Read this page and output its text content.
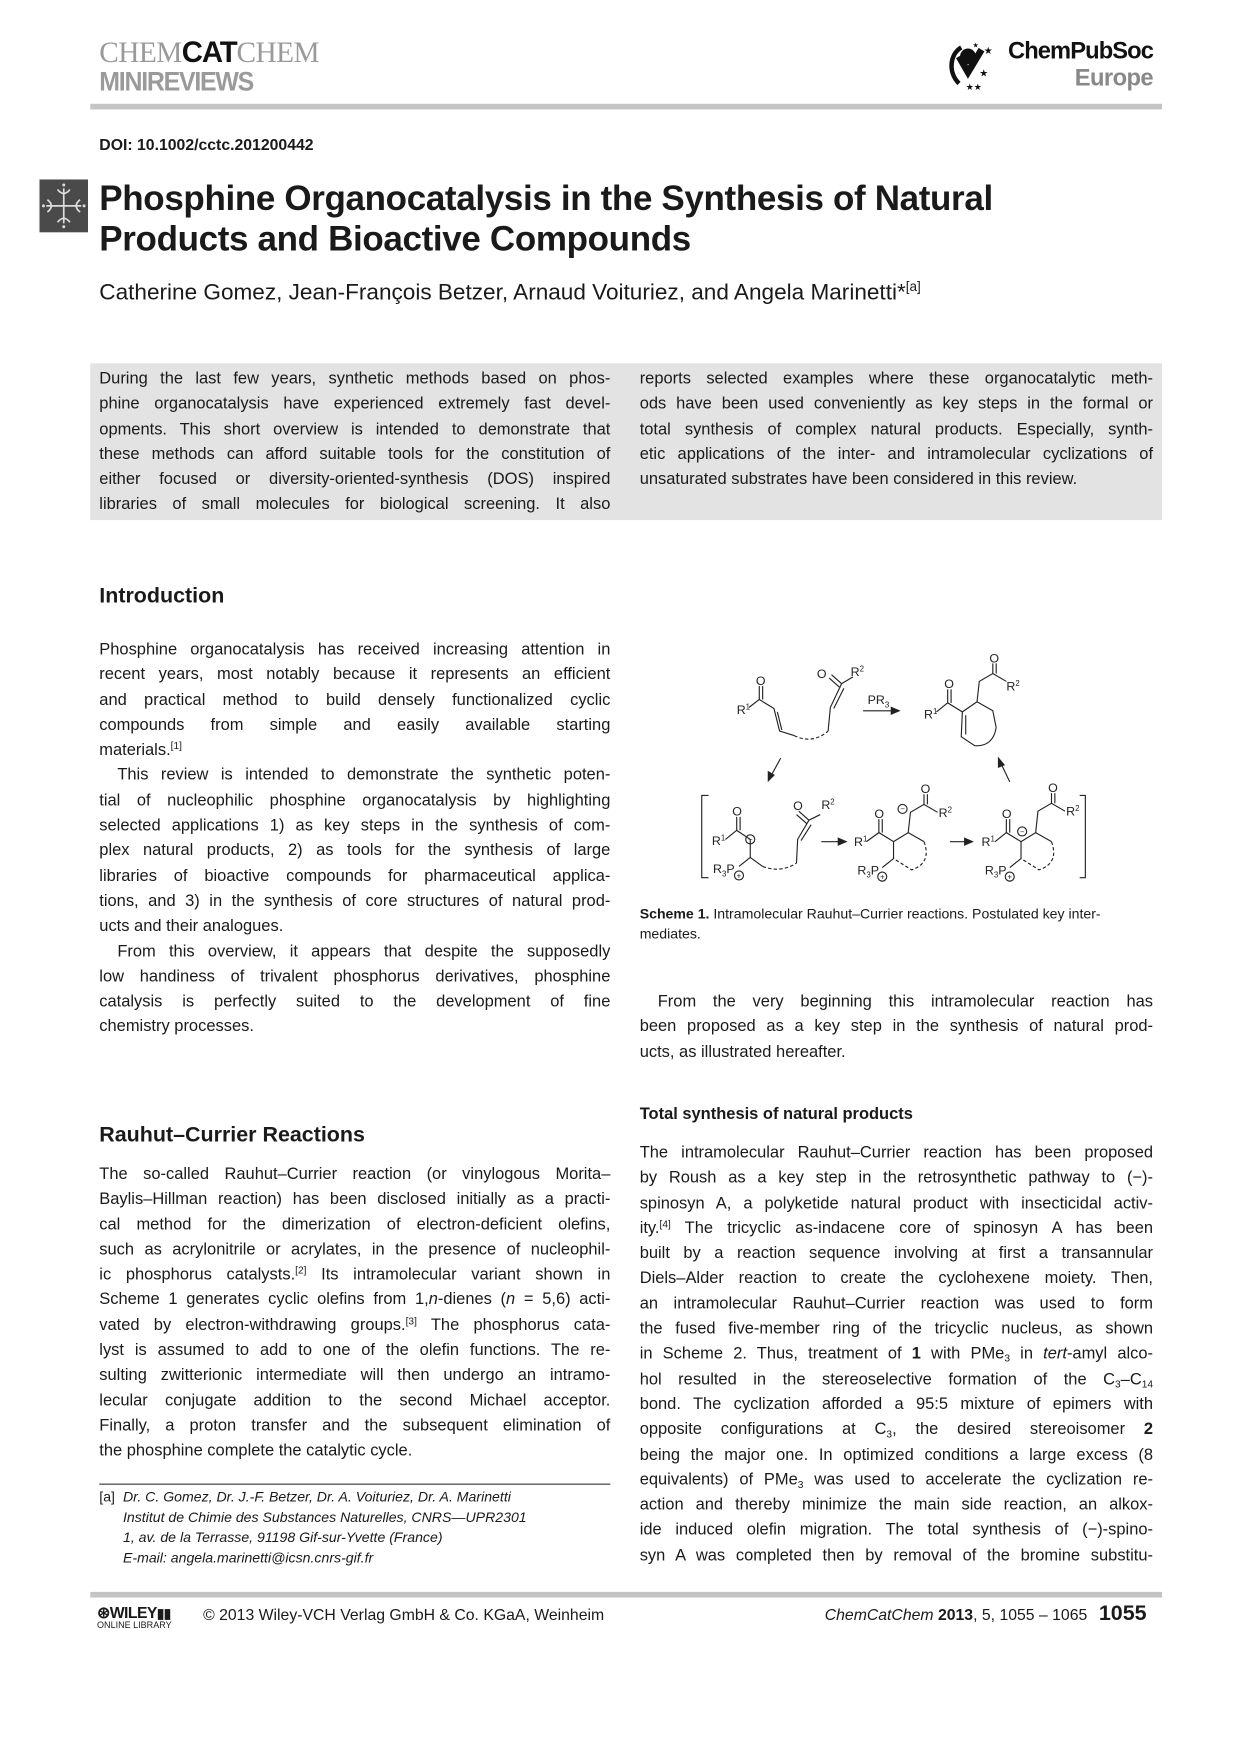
CHEMCATCHEM
MINIREVIEWS
★
★
★★
★	ChemPubSoc
Europe
DOI: 10.1002/cctc.201200442
Phosphine Organocatalysis in the Synthesis of Natural
Products and Bioactive Compounds
Catherine Gomez, Jean-François Betzer, Arnaud Voituriez, and Angela Marinetti*[a]
During the last few years, synthetic methods based on phos-
phine organocatalysis have experienced extremely fast devel-
opments. This short overview is intended to demonstrate that
these methods can afford suitable tools for the constitution of
either focused or diversity-oriented-synthesis (DOS) inspired
libraries of small molecules for biological screening. It also
reports selected examples where these organocatalytic meth-
ods have been used conveniently as key steps in the formal or
total synthesis of complex natural products. Especially, synth-
etic applications of the inter- and intramolecular cyclizations of
unsaturated substrates have been considered in this review.
Introduction
Phosphine organocatalysis has received increasing attention in
recent years, most notably because it represents an efficient
and practical method to build densely functionalized cyclic
compounds from simple and easily available starting
materials.[1]
This review is intended to demonstrate the synthetic poten-
tial of nucleophilic phosphine organocatalysis by highlighting
selected applications 1) as key steps in the synthesis of com-
plex natural products, 2) as tools for the synthesis of large
libraries of bioactive compounds for pharmaceutical applica-
tions, and 3) in the synthesis of core structures of natural prod-
ucts and their analogues.
From this overview, it appears that despite the supposedly
low handiness of trivalent phosphorus derivatives, phosphine
catalysis is perfectly suited to the development of fine
chemistry processes.
Rauhut–Currier Reactions
The so-called Rauhut–Currier reaction (or vinylogous Morita–
Baylis–Hillman reaction) has been disclosed initially as a practi-
cal method for the dimerization of electron-deficient olefins,
such as acrylonitrile or acrylates, in the presence of nucleophil-
ic phosphorus catalysts.[2] Its intramolecular variant shown in
Scheme 1 generates cyclic olefins from 1,n-dienes (n = 5,6) acti-
vated by electron-withdrawing groups.[3] The phosphorus cata-
lyst is assumed to add to one of the olefin functions. The re-
sulting zwitterionic intermediate will then undergo an intramo-
lecular conjugate addition to the second Michael acceptor.
Finally, a proton transfer and the subsequent elimination of
the phosphine complete the catalytic cycle.
[a] Dr. C. Gomez, Dr. J.-F. Betzer, Dr. A. Voituriez, Dr. A. Marinetti
Institut de Chimie des Substances Naturelles, CNRS—UPR2301
1, av. de la Terrasse, 91198 Gif-sur-Yvette (France)
E-mail: angela.marinetti@icsn.cnrs-gif.fr
$R^1$
O	O $R^2$
$PR_3$
$R^1$
O
O
$R^2$
$R^1$
O
$R_3P$
O $R^2$
$R^1$
O
O
$R^2$
$R_3P$
$R^1$
O
O
$R^2$
$R_3P$
−
+
−
+
−
+
Scheme 1. Intramolecular Rauhut–Currier reactions. Postulated key inter-
mediates.
From the very beginning this intramolecular reaction has
been proposed as a key step in the synthesis of natural prod-
ucts, as illustrated hereafter.
Total synthesis of natural products
The intramolecular Rauhut–Currier reaction has been proposed
by Roush as a key step in the retrosynthetic pathway to (−)-
spinosyn A, a polyketide natural product with insecticidal activ-
ity.[4] The tricyclic as-indacene core of spinosyn A has been
built by a reaction sequence involving at first a transannular
Diels–Alder reaction to create the cyclohexene moiety. Then,
an intramolecular Rauhut–Currier reaction was used to form
the fused five-member ring of the tricyclic nucleus, as shown
in Scheme 2. Thus, treatment of 1 with PMe$_3$ in tert-amyl alco-
hol resulted in the stereoselective formation of the $C_3-C_{14}$
bond. The cyclization afforded a 95:5 mixture of epimers with
opposite configurations at $C_3$, the desired stereoisomer 2
being the major one. In optimized conditions a large excess (8
equivalents) of PMe$_3$ was used to accelerate the cyclization re-
action and thereby minimize the main side reaction, an alkox-
ide induced olefin migration. The total synthesis of (−)-spino-
syn A was completed then by removal of the bromine substitu-
⊛WILEY▮▮
ONLINE LIBRARY
© 2013 Wiley-VCH Verlag GmbH & Co. KGaA, Weinheim	ChemCatChem 2013, 5, 1055 – 1065 1055
